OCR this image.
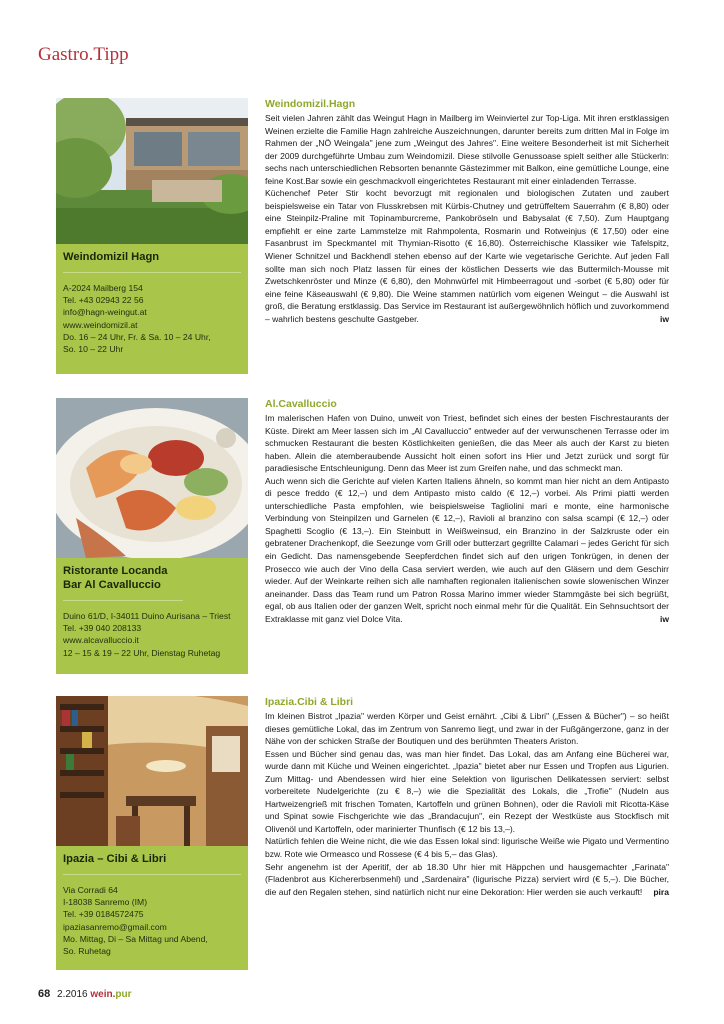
Gastro.Tipp
Weindomizil Hagn
A-2024 Mailberg 154
Tel. +43 02943 22 56
info@hagn-weingut.at
www.weindomizil.at
Do. 16 – 24 Uhr, Fr. & Sa. 10 – 24 Uhr,
So. 10 – 22 Uhr
Weindomizil.Hagn

Seit vielen Jahren zählt das Weingut Hagn in Mailberg im Weinviertel zur Top-Liga. Mit ihren erstklassigen Weinen erzielte die Familie Hagn zahlreiche Auszeichnungen, darunter bereits zum dritten Mal in Folge im Rahmen der „NÖ Weingala" jene zum „Weingut des Jahres". Eine weitere Besonderheit ist mit Sicherheit der 2009 durchgeführte Umbau zum Weindomizil. Diese stilvolle Genussoase spielt seither alle Stückerln: sechs nach unterschiedlichen Rebsorten benannte Gästezimmer mit Balkon, eine gemütliche Lounge, eine feine Kost.Bar sowie ein geschmackvoll eingerichtetes Restaurant mit einer einladenden Terrasse.

Küchenchef Peter Stir kocht bevorzugt mit regionalen und biologischen Zutaten und zaubert beispielsweise ein Tatar von Flusskrebsen mit Kürbis-Chutney und getrüffeltem Sauerrahm (€ 8,80) oder eine Steinpilz-Praline mit Topinamburcreme, Pankobröseln und Babysalat (€ 7,50). Zum Hauptgang empfiehlt er eine zarte Lammstelze mit Rahmpolenta, Rosmarin und Rotweinjus (€ 17,50) oder eine Fasanbrust im Speckmantel mit Thymian-Risotto (€ 16,80). Österreichische Klassiker wie Tafelspitz, Wiener Schnitzel und Backhendl stehen ebenso auf der Karte wie vegetarische Gerichte. Auf jeden Fall sollte man sich noch Platz lassen für eines der köstlichen Desserts wie das Buttermilch-Mousse mit Zwetschkenröster und Minze (€ 6,80), den Mohnwürfel mit Himbeerragout und -sorbet (€ 5,80) oder für eine feine Käseauswahl (€ 9,80). Die Weine stammen natürlich vom eigenen Weingut – die Auswahl ist groß, die Beratung erstklassig. Das Service im Restaurant ist außergewöhnlich höflich und zuvorkommend – wahrlich bestens geschulte Gastgeber.	iw

Ristorante Locanda Bar Al Cavalluccio
Duino 61/D, I-34011 Duino Aurisana – Triest
Tel. +39 040 208133
www.alcavalluccio.it
12 – 15 & 19 – 22 Uhr, Dienstag Ruhetag
Al.Cavalluccio

Im malerischen Hafen von Duino, unweit von Triest, befindet sich eines der besten Fischrestaurants der Küste. Direkt am Meer lassen sich im „Al Cavalluccio" entweder auf der verwunschenen Terrasse oder im schmucken Restaurant die besten Köstlichkeiten genießen, die das Meer als auch der Karst zu bieten haben. Allein die atemberaubende Aussicht holt einen sofort ins Hier und Jetzt zurück und sorgt für paradiesische Entschleunigung. Denn das Meer ist zum Greifen nahe, und das schmeckt man.

Auch wenn sich die Gerichte auf vielen Karten Italiens ähneln, so kommt man hier nicht an dem Antipasto di pesce freddo (€ 12,–) und dem Antipasto misto caldo (€ 12,–) vorbei. Als Primi piatti werden unterschiedliche Pasta empfohlen, wie beispielsweise Tagliolini mari e monte, eine harmonische Verbindung von Steinpilzen und Garnelen (€ 12,–), Ravioli al branzino con salsa scampi (€ 12,–) oder Spaghetti Scoglio (€ 13,–). Ein Steinbutt in Weißweinsud, ein Branzino in der Salzkruste oder ein gebratener Drachenkopf, die Seezunge vom Grill oder butterzart gegrillte Calamari – jedes Gericht für sich ein Gedicht. Das namensgebende Seepferdchen findet sich auf den urigen Tonkrügen, in denen der Prosecco wie auch der Vino della Casa serviert werden, wie auch auf den Gläsern und dem Geschirr wieder. Auf der Weinkarte reihen sich alle namhaften regionalen italienischen sowie slowenischen Winzer aneinander. Dass das Team rund um Patron Rossa Marino immer wieder Stammgäste bei sich begrüßt, egal, ob aus Italien oder der ganzen Welt, spricht noch einmal mehr für die Qualität. Ein Sehnsuchtsort der Extraklasse mit ganz viel Dolce Vita.	iw

Ipazia – Cibi & Libri
Via Corradi 64
I-18038 Sanremo (IM)
Tel. +39 0184572475
ipaziasanremo@gmail.com
Mo. Mittag, Di – Sa Mittag und Abend,
So. Ruhetag
Ipazia.Cibi & Libri

Im kleinen Bistrot „Ipazia" werden Körper und Geist ernährt. „Cibi & Libri" („Essen & Bücher") – so heißt dieses gemütliche Lokal, das im Zentrum von Sanremo liegt, und zwar in der Fußgängerzone, ganz in der Nähe von der schicken Straße der Boutiquen und des berühmten Theaters Ariston.

Essen und Bücher sind genau das, was man hier findet. Das Lokal, das am Anfang eine Bücherei war, wurde dann mit Küche und Weinen eingerichtet. „Ipazia" bietet aber nur Essen und Tropfen aus Ligurien. Zum Mittag- und Abendessen wird hier eine Selektion von ligurischen Delikatessen serviert: selbst vorbereitete Nudelgerichte (zu € 8,–) wie die Spezialität des Lokals, die „Trofie" (Nudeln aus Hartweizengrieß mit frischen Tomaten, Kartoffeln und grünen Bohnen), oder die Ravioli mit Ricotta-Käse und Spinat sowie Fischgerichte wie das „Brandacujun", ein Rezept der Westküste aus Stockfisch mit Olivenöl und Kartoffeln, oder marinierter Thunfisch (€ 12 bis 13,–).

Natürlich fehlen die Weine nicht, die wie das Essen lokal sind: ligurische Weiße wie Pigato und Vermentino bzw. Rote wie Ormeasco und Rossese (€ 4 bis 5,– das Glas).

Sehr angenehm ist der Aperitif, der ab 18.30 Uhr hier mit Häppchen und hausgemachter „Farinata" (Fladenbrot aus Kichererbsenmehl) und „Sardenaira" (ligurische Pizza) serviert wird (€ 5,–). Die Bücher, die auf den Regalen stehen, sind natürlich nicht nur eine Dekoration: Hier werden sie auch verkauft! pira

68 2.2016 wein.pur
